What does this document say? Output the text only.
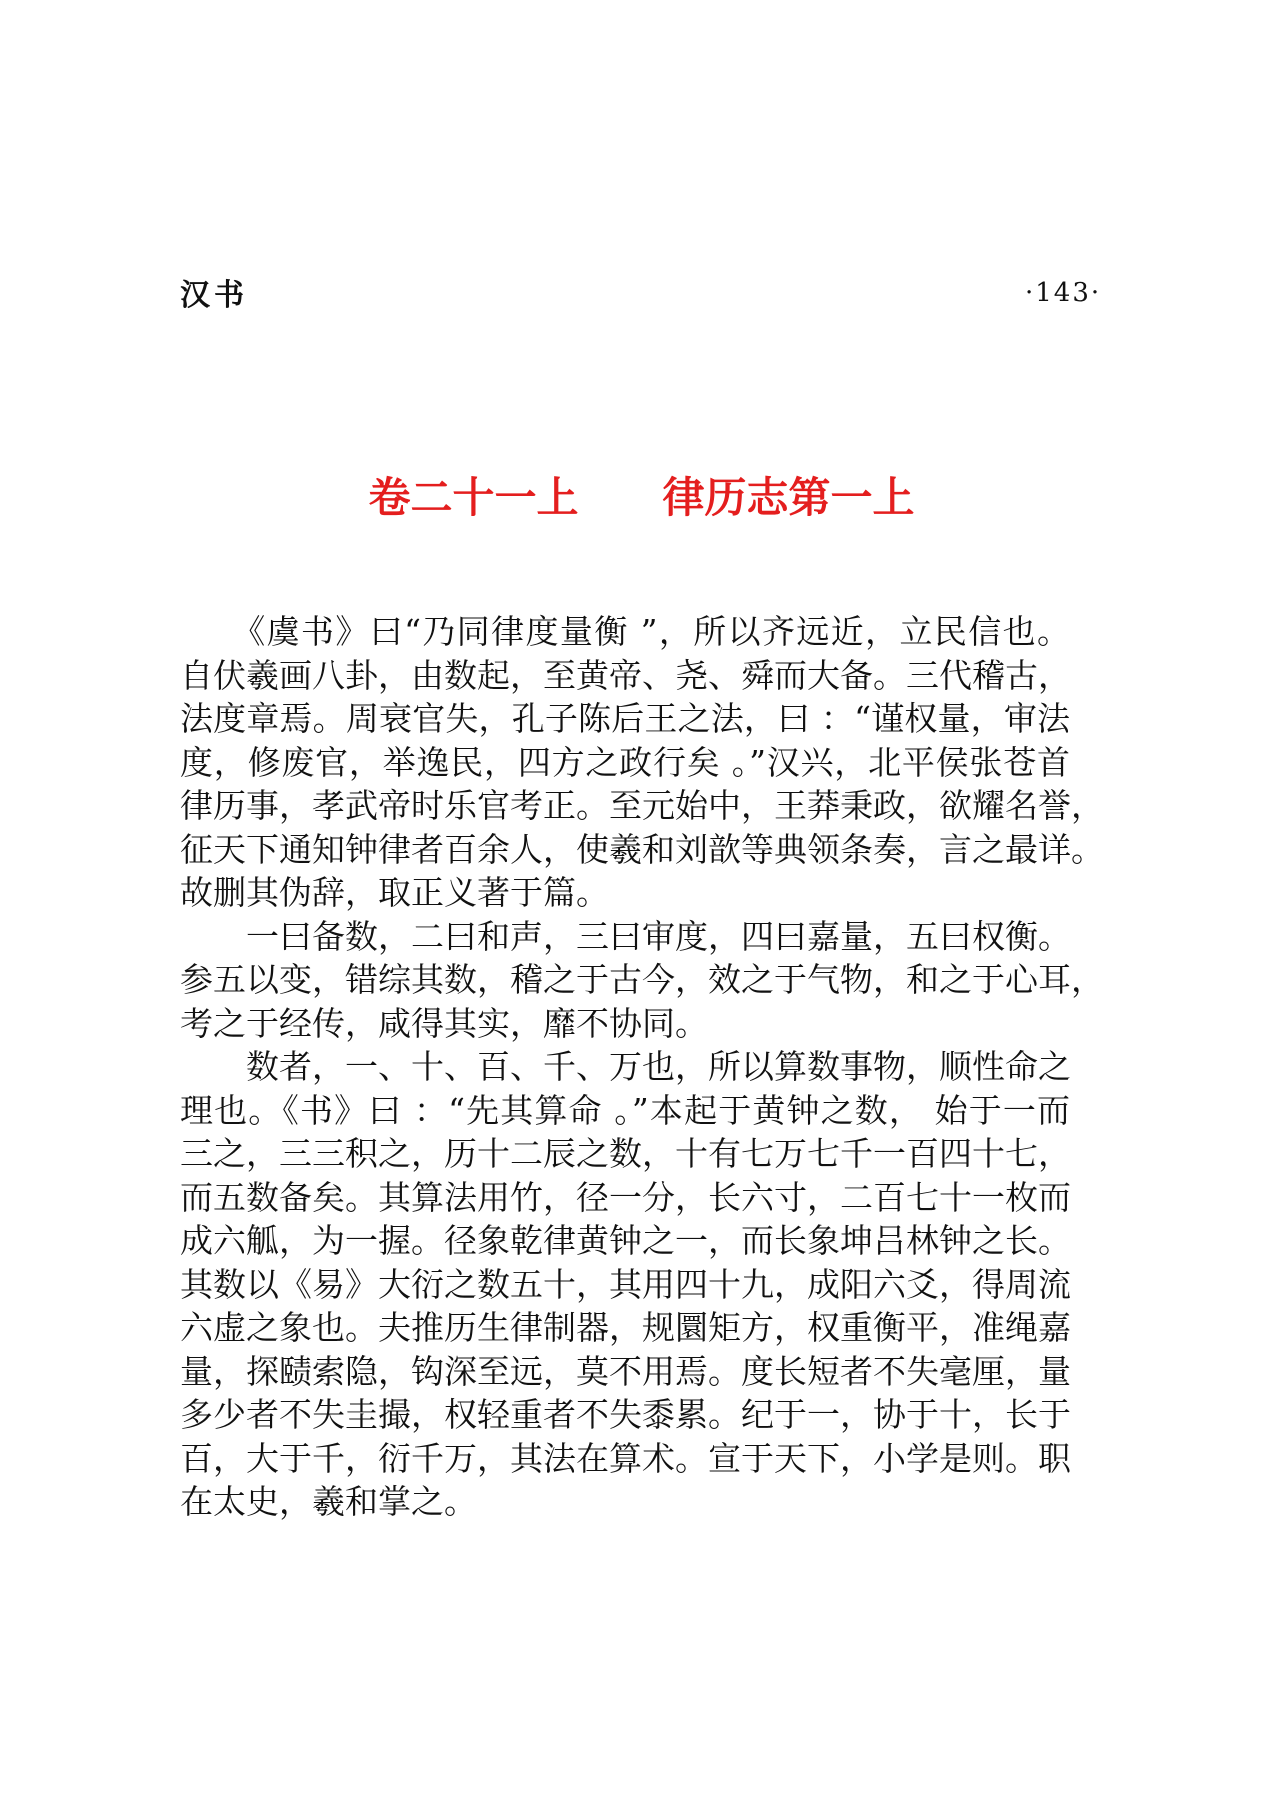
汉书	·143·
卷二十一上 律历志第一上
　　《虞书》曰“乃同律度量衡 ”，所以齐远近，立民信也。
自伏羲画八卦，由数起，至黄帝、尧、舜而大备。三代稽古，
法度章焉。周衰官失，孔子陈后王之法，曰 ：“谨权量，审法
度，修废官，举逸民，四方之政行矣 。”汉兴，北平侯张苍首
律历事，孝武帝时乐官考正。至元始中，王莽秉政，欲耀名誉，
征天下通知钟律者百余人，使羲和刘歆等典领条奏，言之最详。
故删其伪辞，取正义著于篇。
　　一曰备数，二曰和声，三曰审度，四曰嘉量，五曰权衡。
参五以变，错综其数，稽之于古今，效之于气物，和之于心耳，
考之于经传，咸得其实，靡不协同。
　　数者，一、十、百、千、万也，所以算数事物，顺性命之
理也。《书》曰 ：“先其算命 。”本起于黄钟之数， 始于一而
三之，三三积之，历十二辰之数，十有七万七千一百四十七，
而五数备矣。其算法用竹，径一分，长六寸，二百七十一枚而
成六觚，为一握。径象乾律黄钟之一，而长象坤吕林钟之长。
其数以《易》大衍之数五十，其用四十九，成阳六爻，得周流
六虚之象也。夫推历生律制器，规圜矩方，权重衡平，准绳嘉
量，探赜索隐，钩深至远，莫不用焉。度长短者不失毫厘，量
多少者不失圭撮，权轻重者不失黍累。纪于一，协于十，长于
百，大于千，衍千万，其法在算术。宣于天下，小学是则。职
在太史，羲和掌之。
